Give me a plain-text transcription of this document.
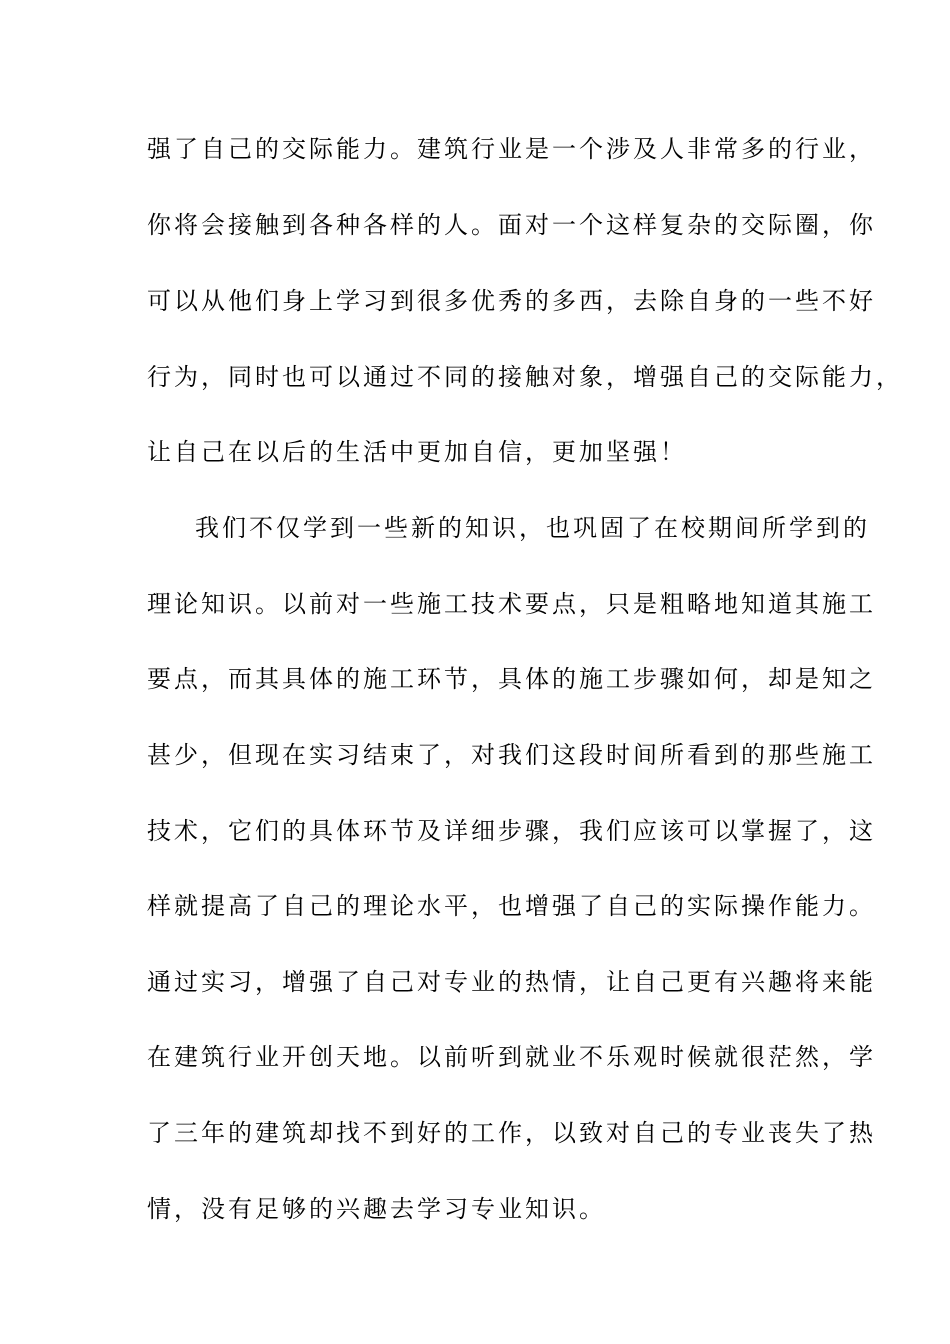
强了自己的交际能力。建筑行业是一个涉及人非常多的行业，
你将会接触到各种各样的人。面对一个这样复杂的交际圈，你
可以从他们身上学习到很多优秀的多西，去除自身的一些不好
行为，同时也可以通过不同的接触对象，增强自己的交际能力，
让自己在以后的生活中更加自信，更加坚强！
我们不仅学到一些新的知识，也巩固了在校期间所学到的
理论知识。以前对一些施工技术要点，只是粗略地知道其施工
要点，而其具体的施工环节，具体的施工步骤如何，却是知之
甚少，但现在实习结束了，对我们这段时间所看到的那些施工
技术，它们的具体环节及详细步骤，我们应该可以掌握了，这
样就提高了自己的理论水平，也增强了自己的实际操作能力。
通过实习，增强了自己对专业的热情，让自己更有兴趣将来能
在建筑行业开创天地。以前听到就业不乐观时候就很茫然，学
了三年的建筑却找不到好的工作，以致对自己的专业丧失了热
情，没有足够的兴趣去学习专业知识。
